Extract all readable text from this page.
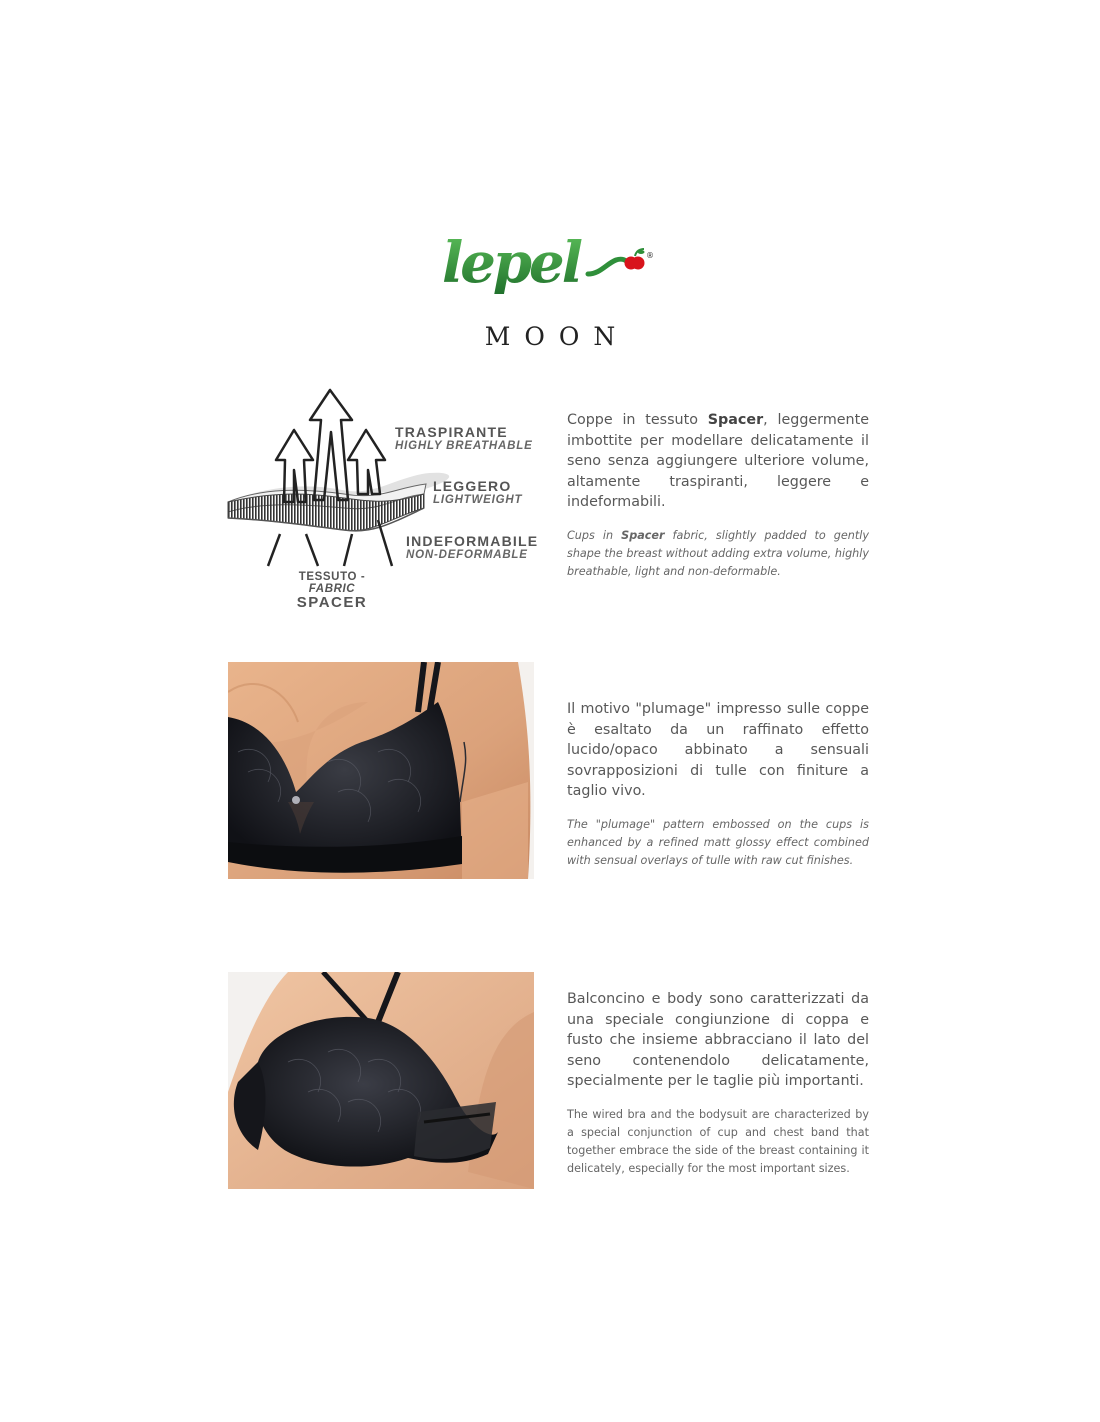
lepel	®
MOON
TRASPIRANTE
HIGHLY BREATHABLE
LEGGERO
LIGHTWEIGHT
INDEFORMABILE
NON-DEFORMABLE
TESSUTO - FABRIC
SPACER

Coppe in tessuto Spacer, leggermente imbottite per modellare delicatamente il seno senza aggiungere ulteriore volume, altamente traspiranti, leggere e indeformabili.

Cups in Spacer fabric, slightly padded to gently shape the breast without adding extra volume, highly breathable, light and non-deformable.

Il motivo "plumage" impresso sulle coppe è esaltato da un raffinato effetto lucido/opaco abbinato a sensuali sovrapposizioni di tulle con finiture a taglio vivo.

The "plumage" pattern embossed on the cups is enhanced by a refined matt glossy effect combined with sensual overlays of tulle with raw cut finishes.

Balconcino e body sono caratterizzati da una speciale congiunzione di coppa e fusto che insieme abbracciano il lato del seno contenendolo delicatamente, specialmente per le taglie più importanti.

The wired bra and the bodysuit are characterized by a special conjunction of cup and chest band that together embrace the side of the breast containing it delicately, especially for the most important sizes.
